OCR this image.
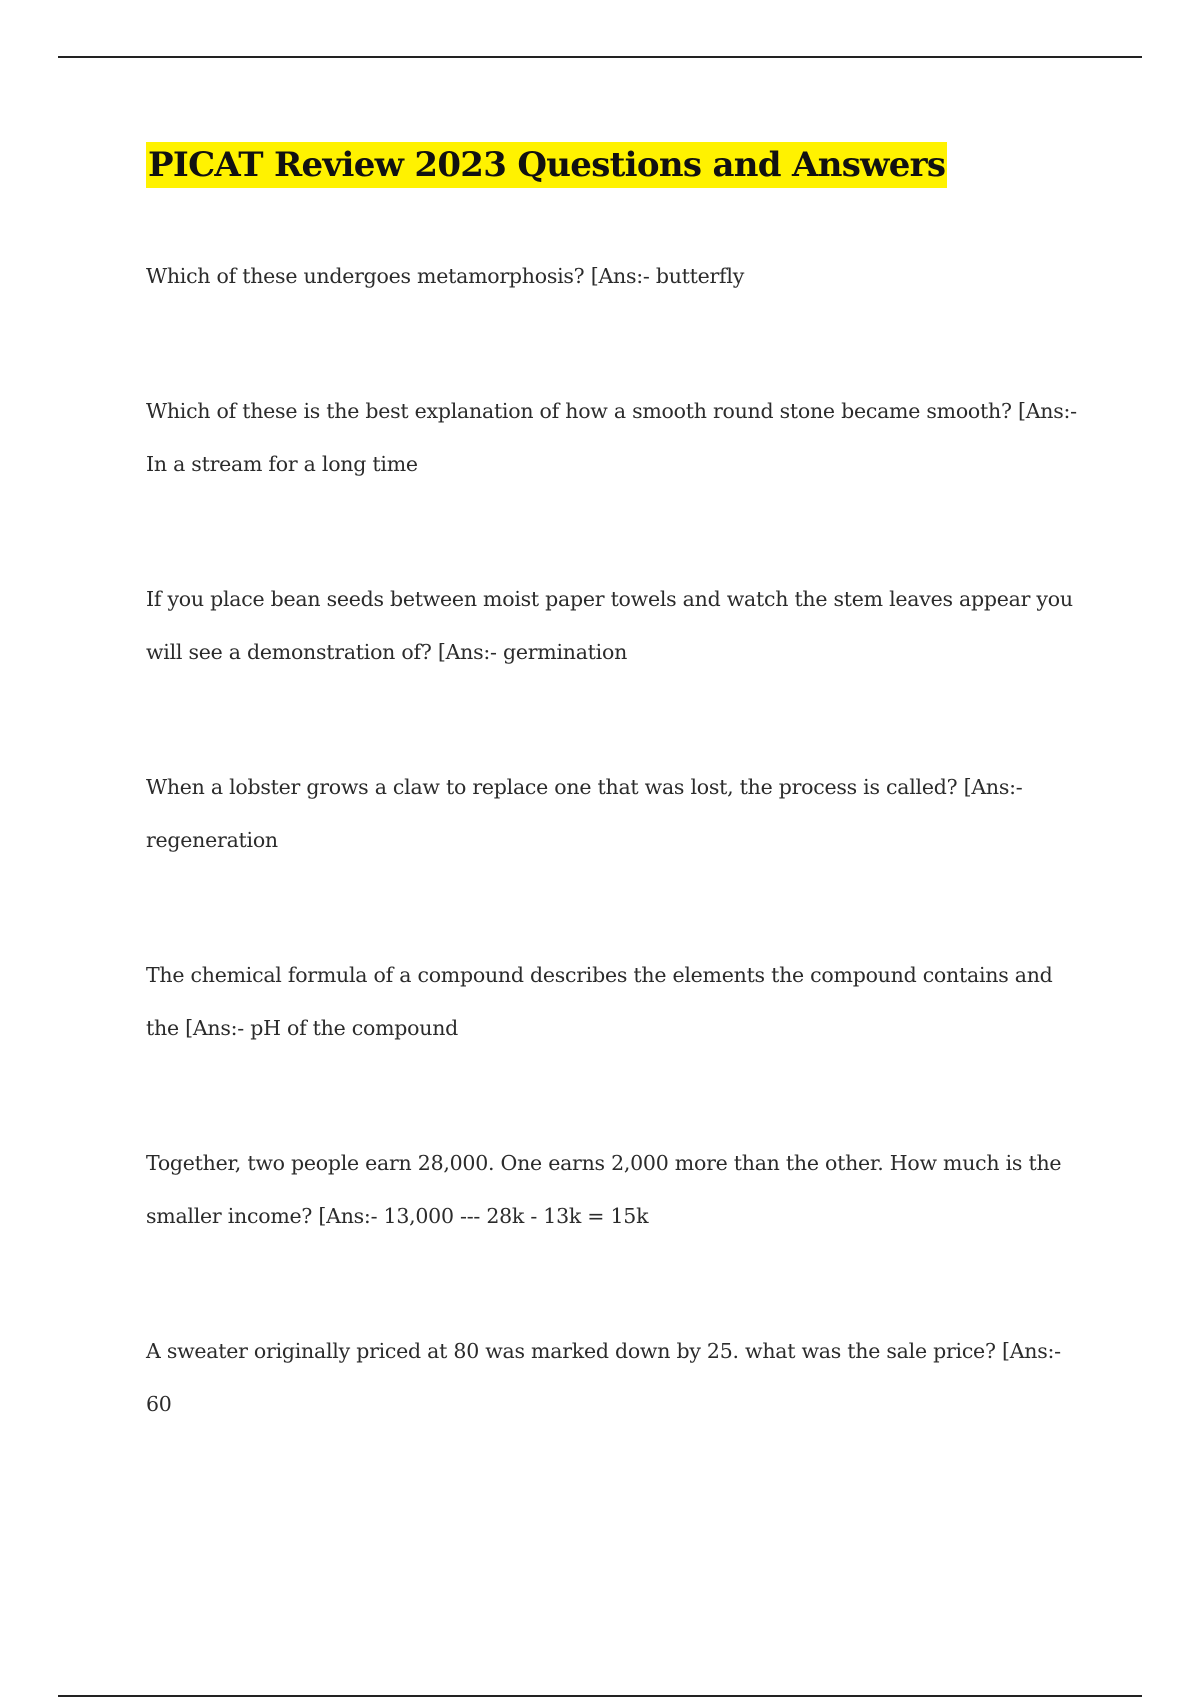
PICAT Review 2023 Questions and Answers

Which of these undergoes metamorphosis? [Ans:- butterfly

Which of these is the best explanation of how a smooth round stone became smooth? [Ans:- In a stream for a long time

If you place bean seeds between moist paper towels and watch the stem leaves appear you will see a demonstration of? [Ans:- germination

When a lobster grows a claw to replace one that was lost, the process is called? [Ans:- regeneration

The chemical formula of a compound describes the elements the compound contains and the [Ans:- pH of the compound

Together, two people earn 28,000. One earns 2,000 more than the other. How much is the smaller income? [Ans:- 13,000 --- 28k - 13k = 15k

A sweater originally priced at 80 was marked down by 25. what was the sale price? [Ans:- 60
